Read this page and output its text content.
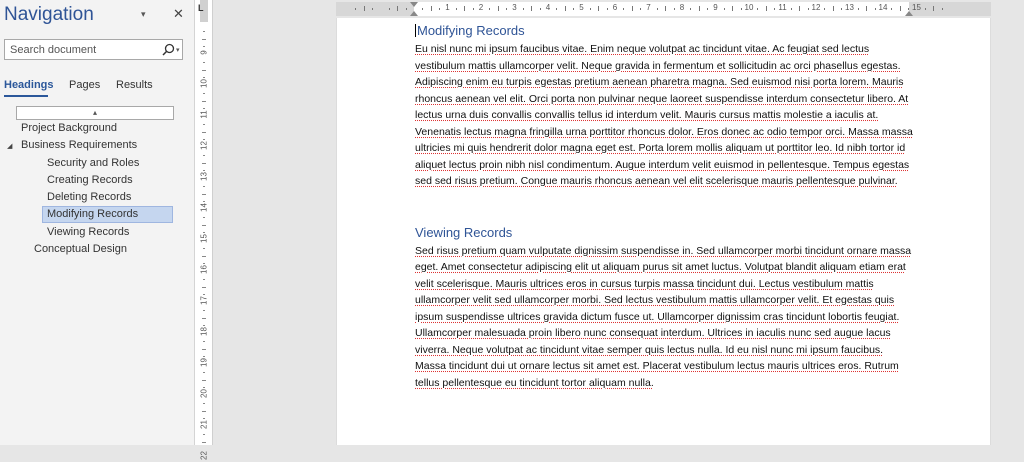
Navigation	▾ ✕
Search document
▾
Headings Pages Results
▴
Project Background
◢ Business Requirements
Security and Roles
Creating Records
Deleting Records
Modifying Records
Viewing Records
Conceptual Design
9
10
11
12
13
14
15
16
17
18
19
20
21
22
L	1	2	3	4	5	6	7	8	9	10	11	12	13	14	15
Modifying Records
Eu nisl nunc mi ipsum faucibus vitae. Enim neque volutpat ac tincidunt vitae. Ac feugiat sed lectus vestibulum mattis ullamcorper velit. Neque gravida in fermentum et sollicitudin ac orci phasellus egestas. Adipiscing enim eu turpis egestas pretium aenean pharetra magna. Sed euismod nisi porta lorem. Mauris rhoncus aenean vel elit. Orci porta non pulvinar neque laoreet suspendisse interdum consectetur libero. At lectus urna duis convallis convallis tellus id interdum velit. Mauris cursus mattis molestie a iaculis at. Venenatis lectus magna fringilla urna porttitor rhoncus dolor. Eros donec ac odio tempor orci. Massa massa ultricies mi quis hendrerit dolor magna eget est. Porta lorem mollis aliquam ut porttitor leo. Id nibh tortor id aliquet lectus proin nibh nisl condimentum. Augue interdum velit euismod in pellentesque. Tempus egestas sed sed risus pretium. Congue mauris rhoncus aenean vel elit scelerisque mauris pellentesque pulvinar.
Viewing Records
Sed risus pretium quam vulputate dignissim suspendisse in. Sed ullamcorper morbi tincidunt ornare massa eget. Amet consectetur adipiscing elit ut aliquam purus sit amet luctus. Volutpat blandit aliquam etiam erat velit scelerisque. Mauris ultrices eros in cursus turpis massa tincidunt dui. Lectus vestibulum mattis ullamcorper velit sed ullamcorper morbi. Sed lectus vestibulum mattis ullamcorper velit. Et egestas quis ipsum suspendisse ultrices gravida dictum fusce ut. Ullamcorper dignissim cras tincidunt lobortis feugiat. Ullamcorper malesuada proin libero nunc consequat interdum. Ultrices in iaculis nunc sed augue lacus viverra. Neque volutpat ac tincidunt vitae semper quis lectus nulla. Id eu nisl nunc mi ipsum faucibus. Massa tincidunt dui ut ornare lectus sit amet est. Placerat vestibulum lectus mauris ultrices eros. Rutrum tellus pellentesque eu tincidunt tortor aliquam nulla.
